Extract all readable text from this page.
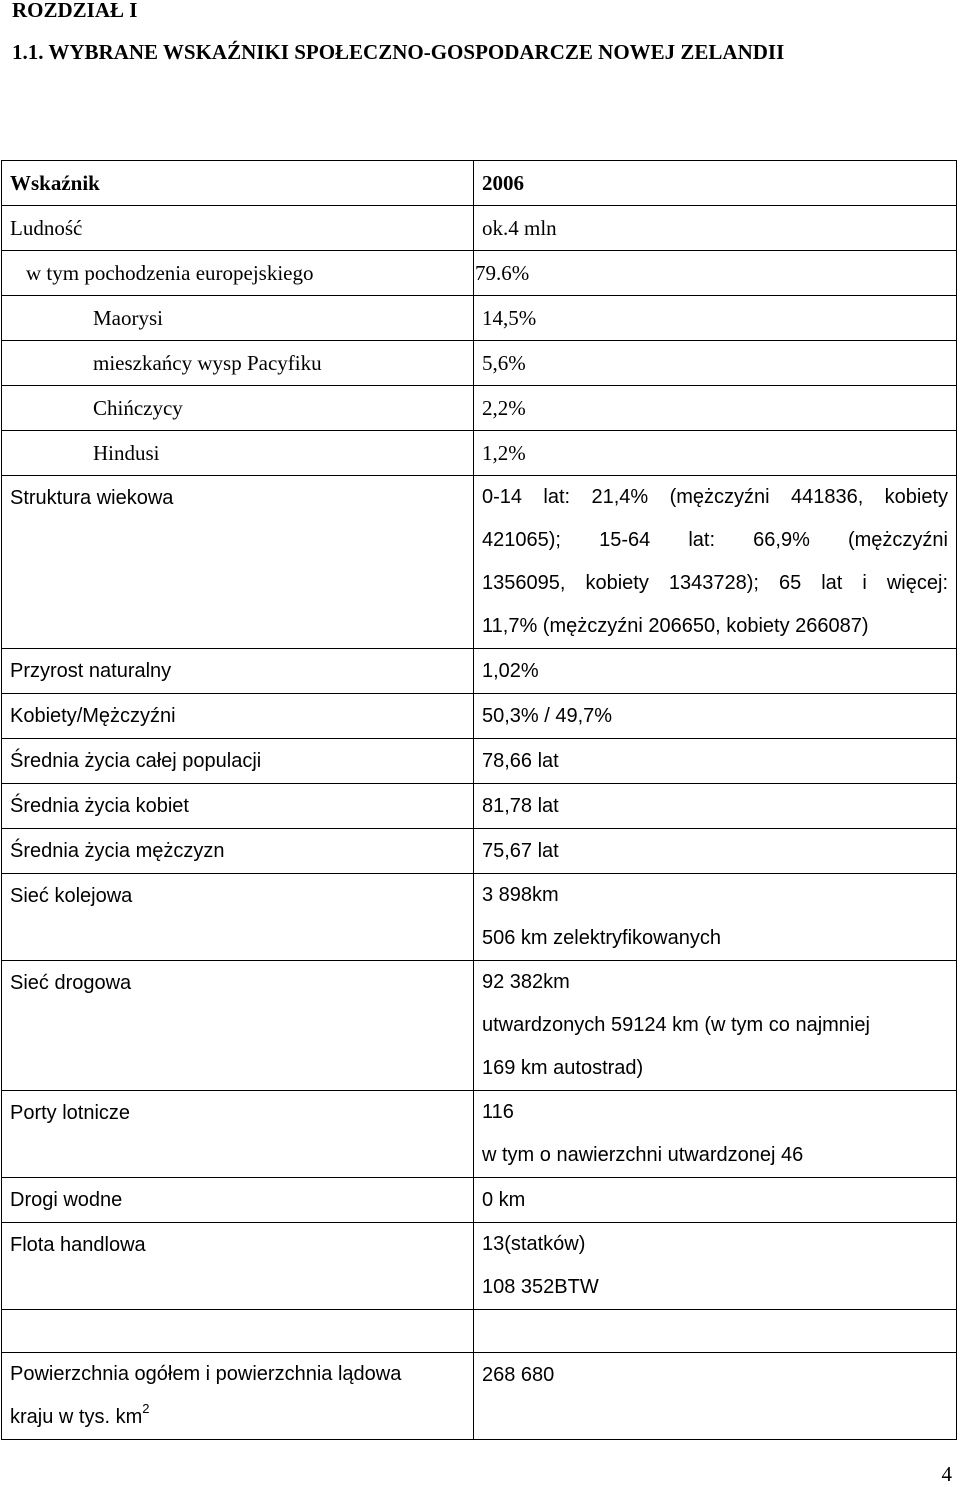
ROZDZIAŁ I
1.1. WYBRANE WSKAŹNIKI SPOŁECZNO-GOSPODARCZE NOWEJ ZELANDII
Wskaźnik	2006
Ludność	ok.4 mln
w tym pochodzenia europejskiego	79.6%
Maorysi	14,5%
mieszkańcy wysp Pacyfiku	5,6%
Chińczycy	2,2%
Hindusi	1,2%
Struktura wiekowa	0-14 lat: 21,4% (mężczyźni 441836, kobiety
421065); 15-64 lat: 66,9% (mężczyźni
1356095, kobiety 1343728); 65 lat i więcej:
11,7% (mężczyźni 206650, kobiety 266087)

Przyrost naturalny	1,02%
Kobiety/Mężczyźni	50,3% / 49,7%
Średnia życia całej populacji	78,66 lat
Średnia życia kobiet	81,78 lat
Średnia życia mężczyzn	75,67 lat
Sieć kolejowa	3 898km
506 km zelektryfikowanych

Sieć drogowa	92 382km
utwardzonych 59124 km (w tym co najmniej
169 km autostrad)

Porty lotnicze	116
w tym o nawierzchni utwardzonej 46

Drogi wodne	0 km
Flota handlowa	13(statków)
108 352BTW

Powierzchnia ogółem i powierzchnia lądowa
kraju w tys. $km^2$	268 680
4
